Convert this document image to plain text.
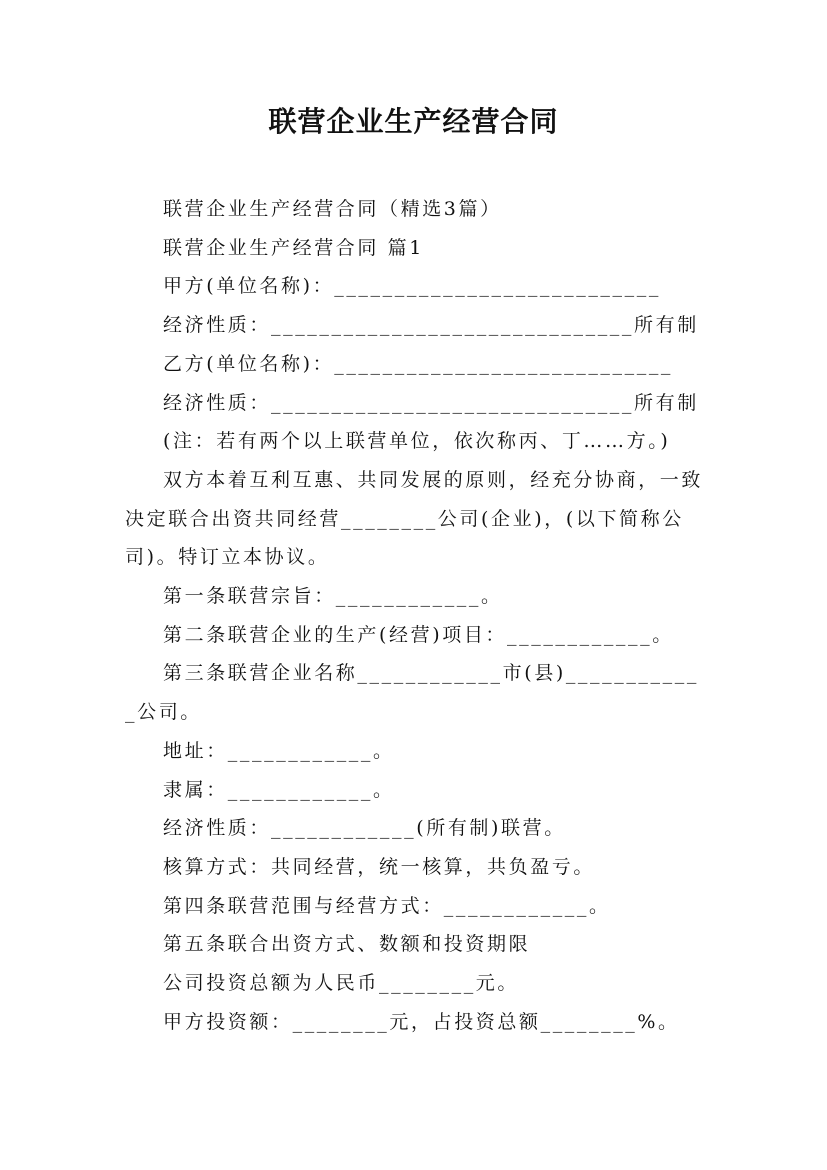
联营企业生产经营合同

联营企业生产经营合同（精选3篇）

联营企业生产经营合同 篇1

甲方(单位名称)：___________________________

经济性质：______________________________所有制

乙方(单位名称)：____________________________

经济性质：______________________________所有制

(注：若有两个以上联营单位，依次称丙、丁……方。)

双方本着互利互惠、共同发展的原则，经充分协商，一致决定联合出资共同经营________公司(企业)，(以下简称公司)。特订立本协议。

第一条联营宗旨：____________。

第二条联营企业的生产(经营)项目：____________。

第三条联营企业名称____________市(县)____________公司。

地址：____________。

隶属：____________。

经济性质：____________(所有制)联营。

核算方式：共同经营，统一核算，共负盈亏。

第四条联营范围与经营方式：____________。

第五条联合出资方式、数额和投资期限

公司投资总额为人民币________元。

甲方投资额：________元，占投资总额________%。
